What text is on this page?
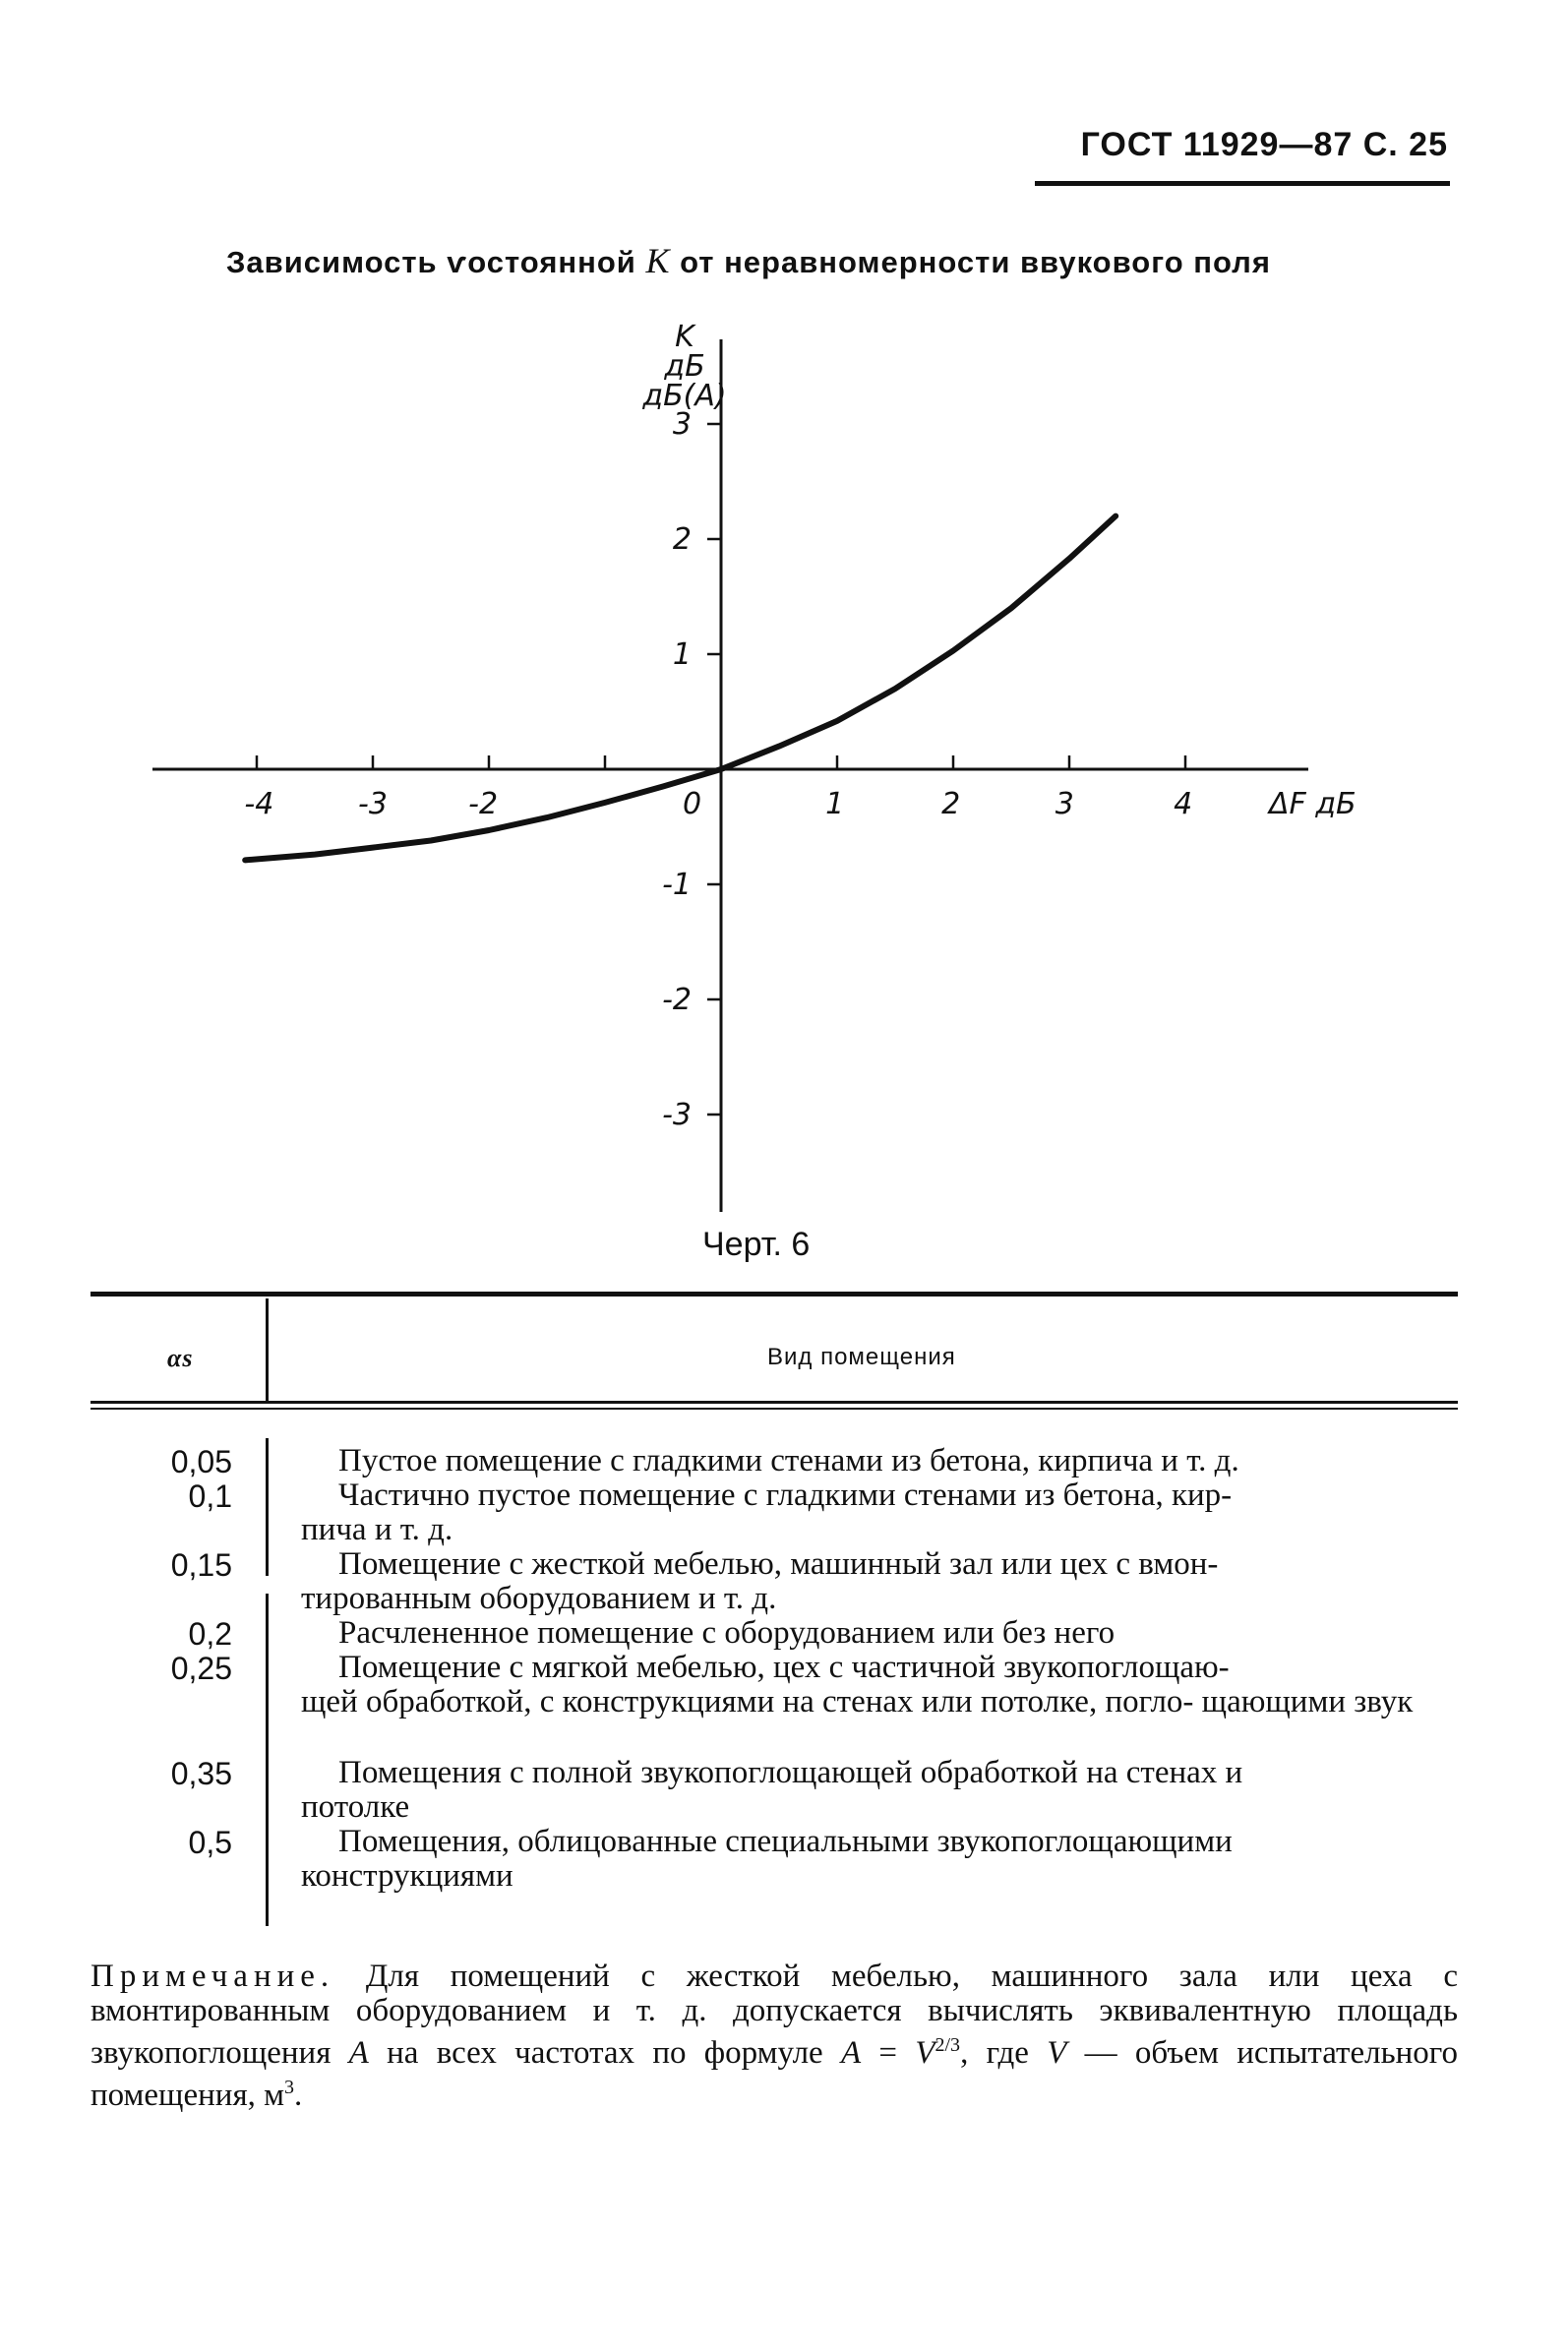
ГОСТ 11929—87 С. 25
Зависимость ѵостоянной K от неравномерности ввукового поля
-4	-3	-2	0	1	2	3	4
-3
-2
-1
1
2
3
K
дБ
дБ(A)
ΔF дБ
Черт. 6
αs	Вид помещения
0,05	Пустое помещение с гладкими стенами из бетона, кирпича и т. д.
0,1	Частично пустое помещение с гладкими стенами из бетона, кир-
пича и т. д.
0,15	Помещение с жесткой мебелью, машинный зал или цех с вмон-
тированным оборудованием и т. д.
0,2	Расчлененное помещение с оборудованием или без него
0,25	Помещение с мягкой мебелью, цех с частичной звукопоглощаю-
щей обработкой, с конструкциями на стенах или потолке, погло- щающими звук
0,35	Помещения с полной звукопоглощающей обработкой на стенах и
потолке
0,5	Помещения, облицованные специальными звукопоглощающими
конструкциями
Примечание. Для помещений с жесткой мебелью, машинного зала или цеха с вмонтированным оборудованием и т. д. допускается вычислять эквивалентную площадь звукопоглощения A на всех частотах по формуле $A = V^{2/3}$, где V — объем испытательного помещения, $м^3$.
